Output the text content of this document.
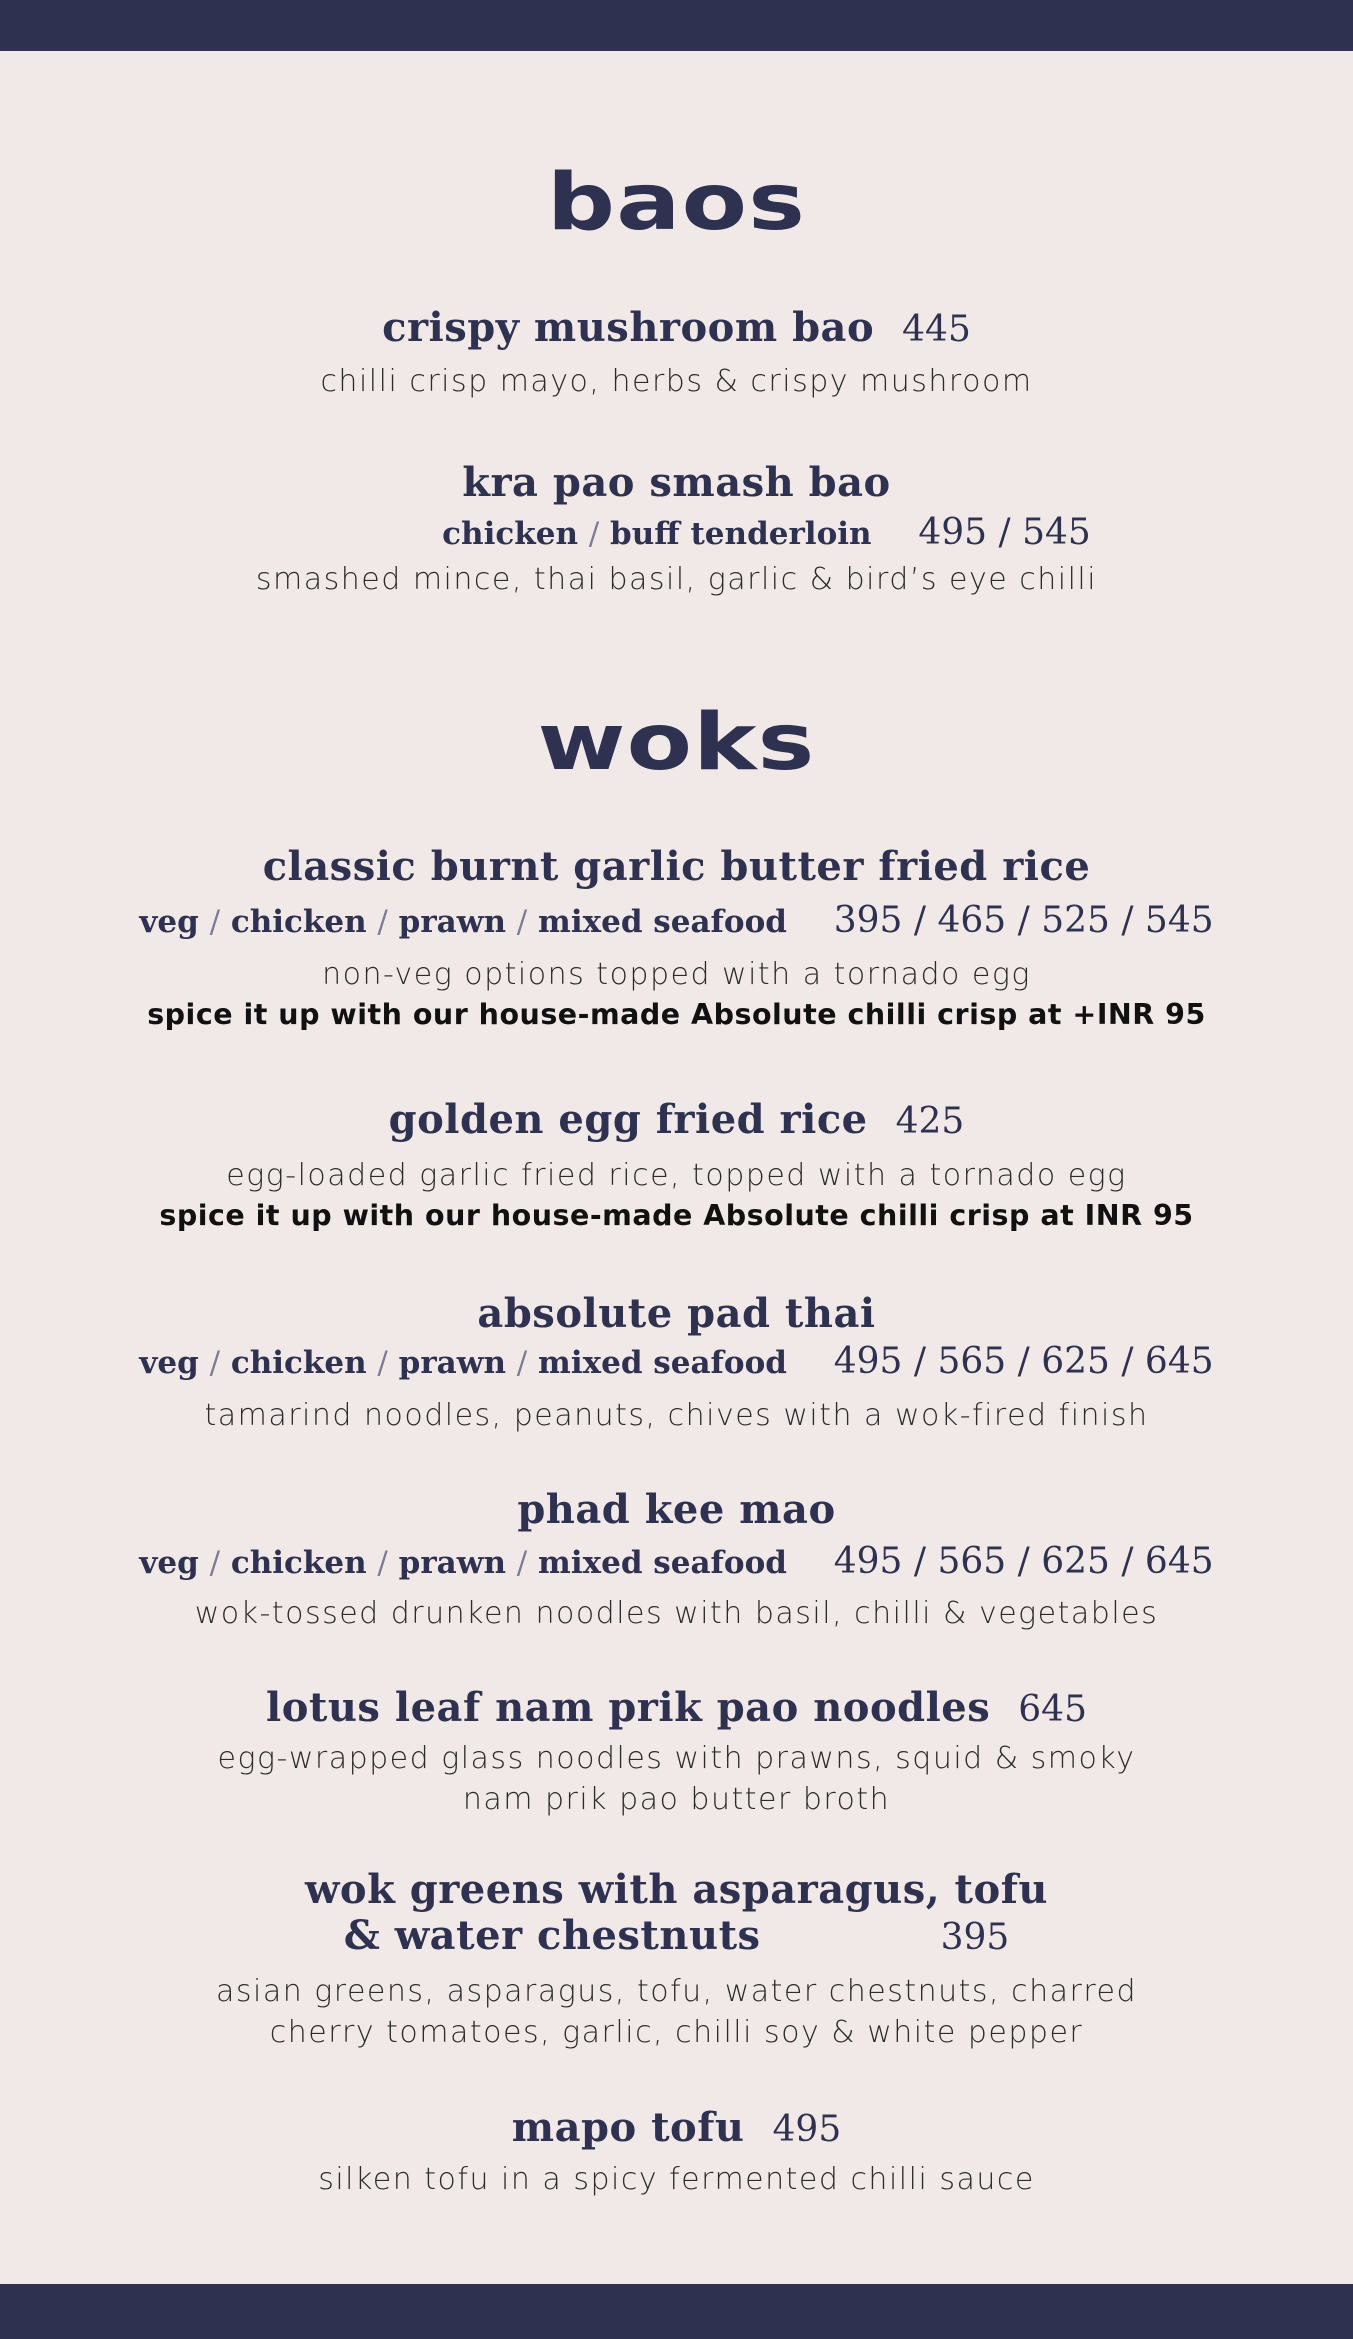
baos
crispy mushroom bao 445
chilli crisp mayo, herbs & crispy mushroom
kra pao smash bao
chicken / buff tenderloin 495 / 545
smashed mince, thai basil, garlic & bird’s eye chilli
woks
classic burnt garlic butter fried rice
veg / chicken / prawn / mixed seafood 395 / 465 / 525 / 545
non-veg options topped with a tornado egg
spice it up with our house-made Absolute chilli crisp at +INR 95
golden egg fried rice 425
egg-loaded garlic fried rice, topped with a tornado egg
spice it up with our house-made Absolute chilli crisp at INR 95
absolute pad thai
veg / chicken / prawn / mixed seafood 495 / 565 / 625 / 645
tamarind noodles, peanuts, chives with a wok-fired finish
phad kee mao
veg / chicken / prawn / mixed seafood 495 / 565 / 625 / 645
wok-tossed drunken noodles with basil, chilli & vegetables
lotus leaf nam prik pao noodles 645
egg-wrapped glass noodles with prawns, squid & smoky
nam prik pao butter broth
wok greens with asparagus, tofu
& water chestnuts	395
asian greens, asparagus, tofu, water chestnuts, charred
cherry tomatoes, garlic, chilli soy & white pepper
mapo tofu 495
silken tofu in a spicy fermented chilli sauce
